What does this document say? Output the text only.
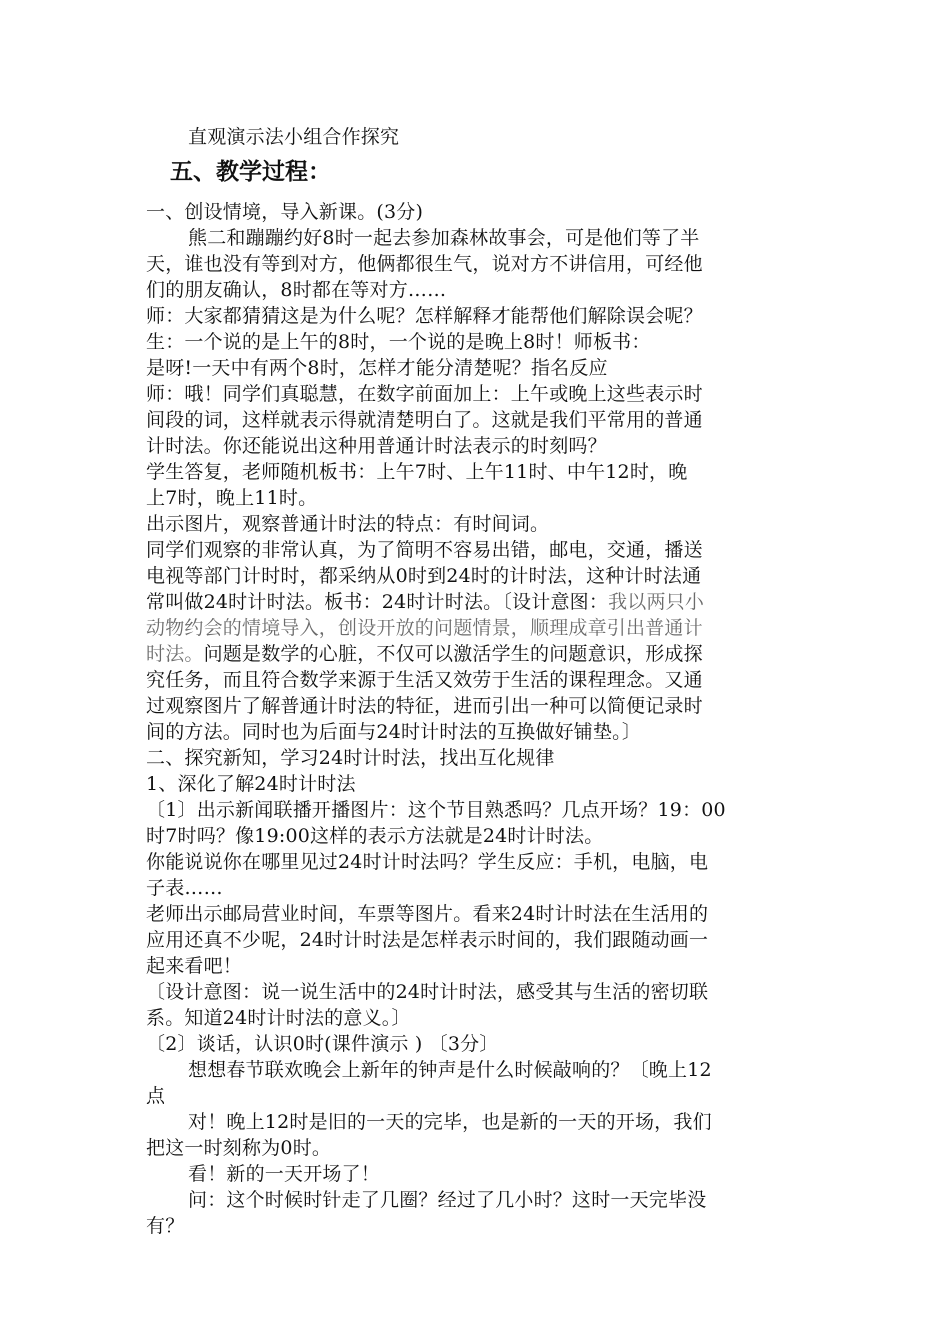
直观演示法小组合作探究
五、教学过程：
一、创设情境，导入新课。(3分)
熊二和蹦蹦约好8时一起去参加森林故事会，可是他们等了半
天，谁也没有等到对方，他俩都很生气，说对方不讲信用，可经他
们的朋友确认，8时都在等对方……
师：大家都猜猜这是为什么呢？怎样解释才能帮他们解除误会呢？
生：一个说的是上午的8时，一个说的是晚上8时！师板书：
是呀!一天中有两个8时，怎样才能分清楚呢？指名反应
师：哦！同学们真聪慧，在数字前面加上：上午或晚上这些表示时
间段的词，这样就表示得就清楚明白了。这就是我们平常用的普通
计时法。你还能说出这种用普通计时法表示的时刻吗？
学生答复，老师随机板书：上午7时、上午11时、中午12时，晚
上7时，晚上11时。
出示图片，观察普通计时法的特点：有时间词。
同学们观察的非常认真，为了简明不容易出错，邮电，交通，播送
电视等部门计时时，都采纳从0时到24时的计时法，这种计时法通
常叫做24时计时法。板书：24时计时法。〔设计意图：我以两只小
动物约会的情境导入，创设开放的问题情景，顺理成章引出普通计
时法。问题是数学的心脏，不仅可以激活学生的问题意识，形成探
究任务，而且符合数学来源于生活又效劳于生活的课程理念。又通
过观察图片了解普通计时法的特征，进而引出一种可以简便记录时
间的方法。同时也为后面与24时计时法的互换做好铺垫。〕
二、探究新知，学习24时计时法，找出互化规律
1、深化了解24时计时法
〔1〕出示新闻联播开播图片：这个节目熟悉吗？几点开场？19：00
时7时吗？像19:00这样的表示方法就是24时计时法。
你能说说你在哪里见过24时计时法吗？学生反应：手机，电脑，电
子表……
老师出示邮局营业时间，车票等图片。看来24时计时法在生活用的
应用还真不少呢，24时计时法是怎样表示时间的，我们跟随动画一
起来看吧！
〔设计意图：说一说生活中的24时计时法，感受其与生活的密切联
系。知道24时计时法的意义。〕
〔2〕谈话，认识0时(课件演示 ) 〔3分〕
想想春节联欢晚会上新年的钟声是什么时候敲响的？〔晚上12
点
对！晚上12时是旧的一天的完毕，也是新的一天的开场，我们
把这一时刻称为0时。
看！新的一天开场了！
问：这个时候时针走了几圈？经过了几小时？这时一天完毕没
有？
